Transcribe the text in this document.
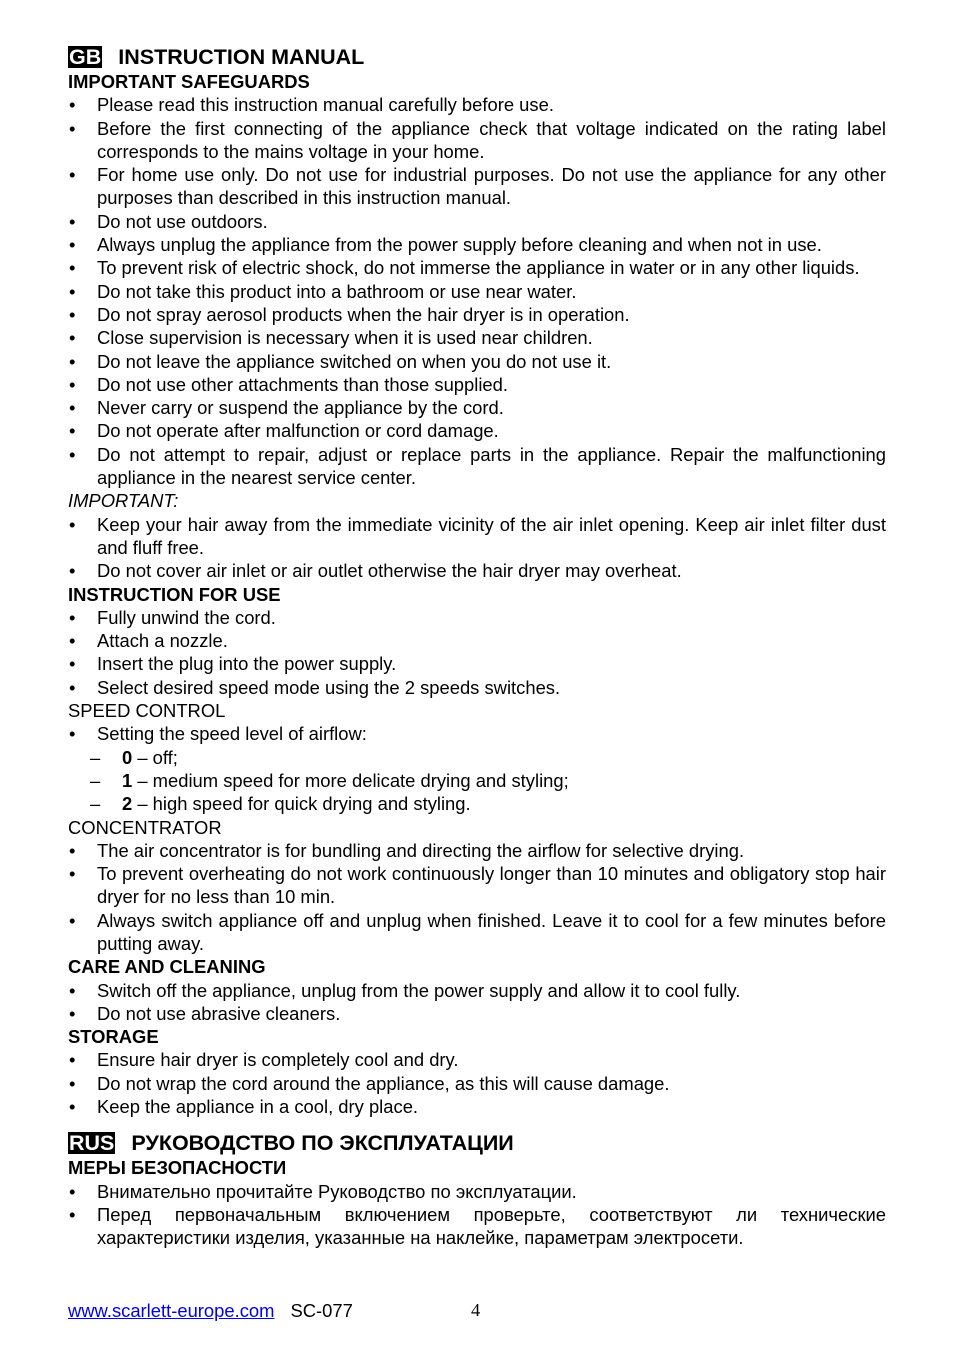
GB INSTRUCTION MANUAL
IMPORTANT SAFEGUARDS
• Please read this instruction manual carefully before use.
• Before the first connecting of the appliance check that voltage indicated on the rating label corresponds to the mains voltage in your home.
• For home use only. Do not use for industrial purposes. Do not use the appliance for any other purposes than described in this instruction manual.
• Do not use outdoors.
• Always unplug the appliance from the power supply before cleaning and when not in use.
• To prevent risk of electric shock, do not immerse the appliance in water or in any other liquids.
• Do not take this product into a bathroom or use near water.
• Do not spray aerosol products when the hair dryer is in operation.
• Close supervision is necessary when it is used near children.
• Do not leave the appliance switched on when you do not use it.
• Do not use other attachments than those supplied.
• Never carry or suspend the appliance by the cord.
• Do not operate after malfunction or cord damage.
• Do not attempt to repair, adjust or replace parts in the appliance. Repair the malfunctioning appliance in the nearest service center.
IMPORTANT:
• Keep your hair away from the immediate vicinity of the air inlet opening. Keep air inlet filter dust and fluff free.
• Do not cover air inlet or air outlet otherwise the hair dryer may overheat.
INSTRUCTION FOR USE
• Fully unwind the cord.
• Attach a nozzle.
• Insert the plug into the power supply.
• Select desired speed mode using the 2 speeds switches.
SPEED CONTROL
• Setting the speed level of airflow:
– 0 – off;
– 1 – medium speed for more delicate drying and styling;
– 2 – high speed for quick drying and styling.
CONCENTRATOR
• The air concentrator is for bundling and directing the airflow for selective drying.
• To prevent overheating do not work continuously longer than 10 minutes and obligatory stop hair dryer for no less than 10 min.
• Always switch appliance off and unplug when finished. Leave it to cool for a few minutes before putting away.
CARE AND CLEANING
• Switch off the appliance, unplug from the power supply and allow it to cool fully.
• Do not use abrasive cleaners.
STORAGE
• Ensure hair dryer is completely cool and dry.
• Do not wrap the cord around the appliance, as this will cause damage.
• Keep the appliance in a cool, dry place.
RUS РУКОВОДСТВО ПО ЭКСПЛУАТАЦИИ
МЕРЫ БЕЗОПАСНОСТИ
• Внимательно прочитайте Руководство по эксплуатации.
• Перед первоначальным включением проверьте, соответствуют ли технические характеристики изделия, указанные на наклейке, параметрам электросети.
www.scarlett-europe.com SC-077	4
